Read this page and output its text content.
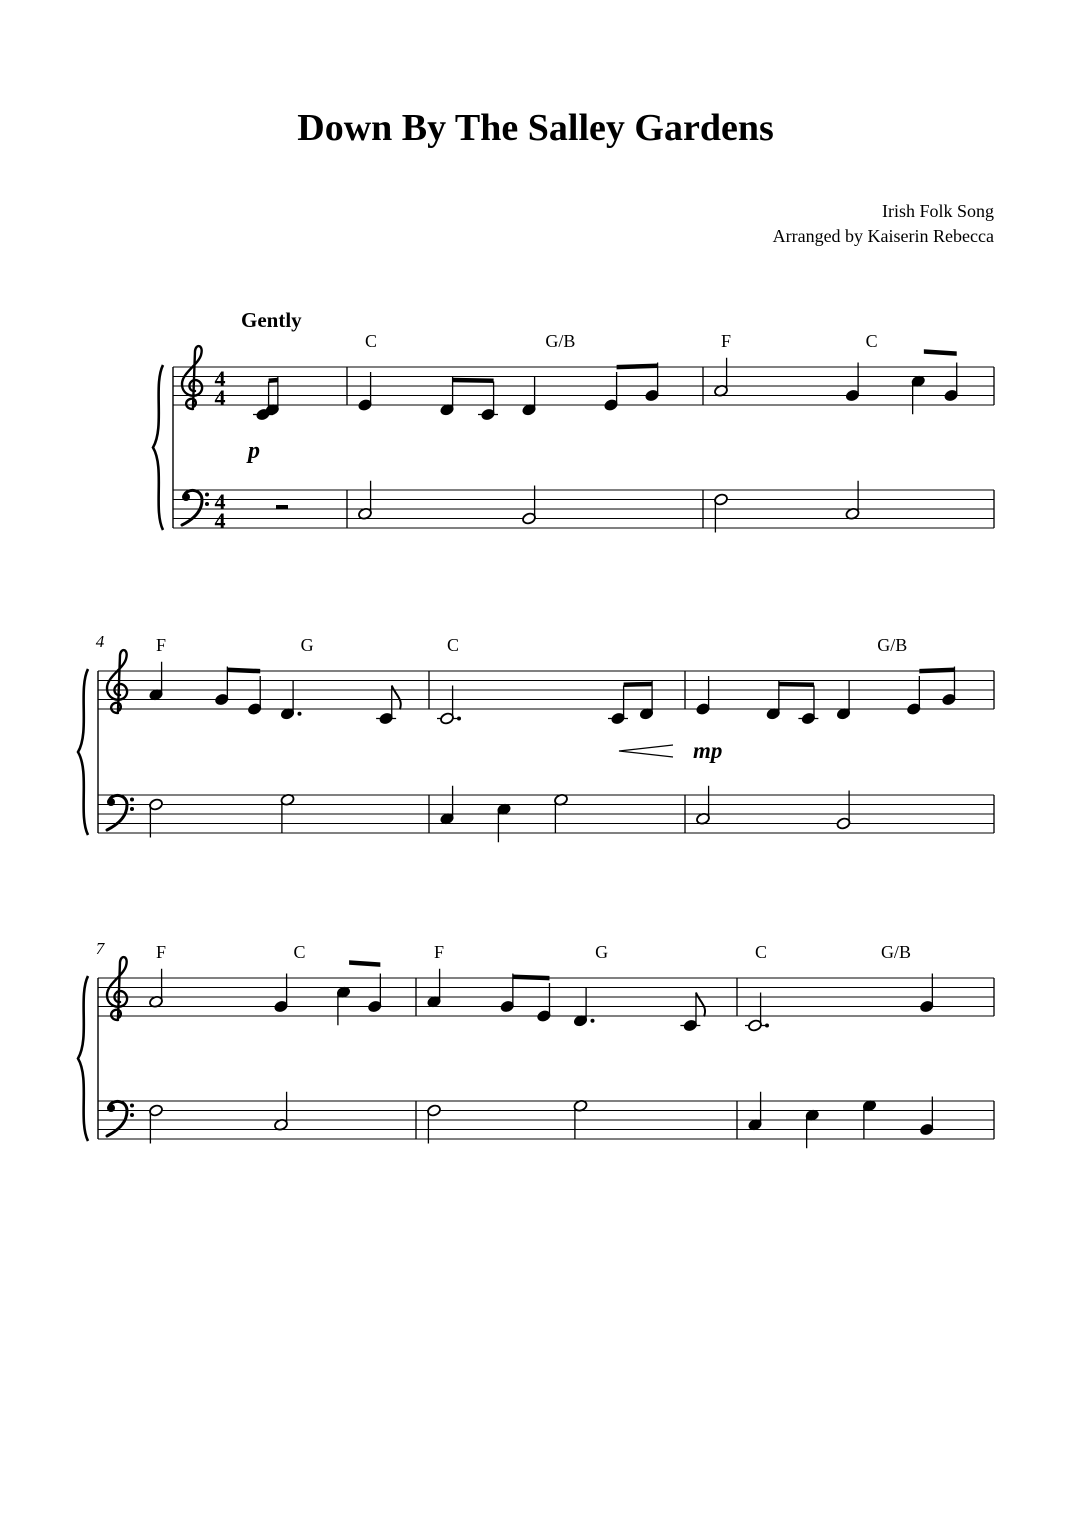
Down By The Salley Gardens
Irish Folk Song
Arranged by Kaiserin Rebecca
4
4
4
4
C	G/B	F	C
4	F	G	C	G/B
7	F	C	F	G	C	G/B
Gently
p
mp
